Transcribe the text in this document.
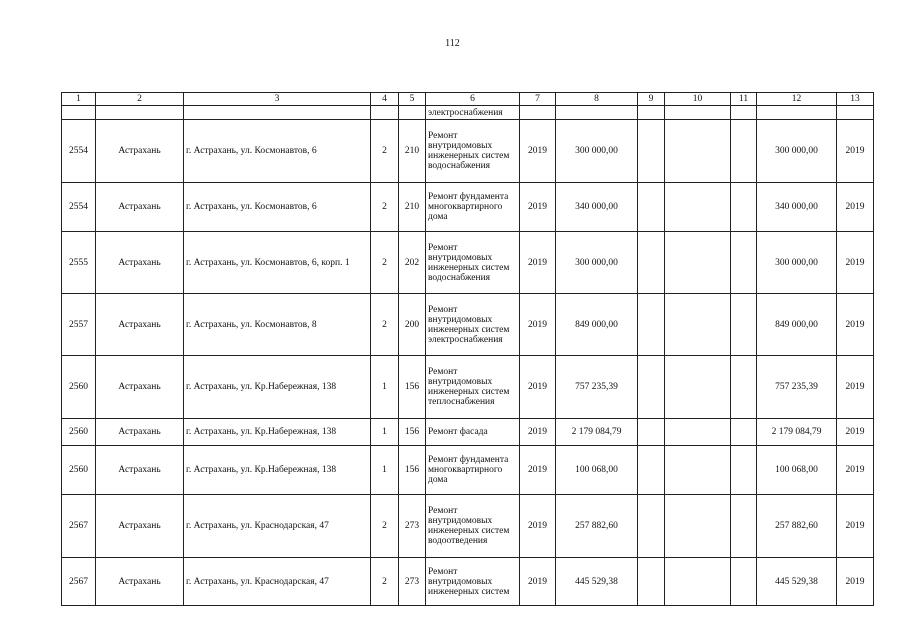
112
1	2	3	4	5	6	7	8	9	10	11	12	13
					электроснабжения							
2554	Астрахань	г. Астрахань, ул. Космонавтов, 6	2	210	Ремонт внутридомовых инженерных систем водоснабжения	2019	300 000,00				300 000,00	2019
2554	Астрахань	г. Астрахань, ул. Космонавтов, 6	2	210	Ремонт фундамента многоквартирного дома	2019	340 000,00				340 000,00	2019
2555	Астрахань	г. Астрахань, ул. Космонавтов, 6, корп. 1	2	202	Ремонт внутридомовых инженерных систем водоснабжения	2019	300 000,00				300 000,00	2019
2557	Астрахань	г. Астрахань, ул. Космонавтов, 8	2	200	Ремонт внутридомовых инженерных систем электроснабжения	2019	849 000,00				849 000,00	2019
2560	Астрахань	г. Астрахань, ул. Кр.Набережная, 138	1	156	Ремонт внутридомовых инженерных систем теплоснабжения	2019	757 235,39				757 235,39	2019
2560	Астрахань	г. Астрахань, ул. Кр.Набережная, 138	1	156	Ремонт фасада	2019	2 179 084,79				2 179 084,79	2019
2560	Астрахань	г. Астрахань, ул. Кр.Набережная, 138	1	156	Ремонт фундамента многоквартирного дома	2019	100 068,00				100 068,00	2019
2567	Астрахань	г. Астрахань, ул. Краснодарская, 47	2	273	Ремонт внутридомовых инженерных систем водоотведения	2019	257 882,60				257 882,60	2019
2567	Астрахань	г. Астрахань, ул. Краснодарская, 47	2	273	Ремонт внутридомовых инженерных систем	2019	445 529,38				445 529,38	2019
